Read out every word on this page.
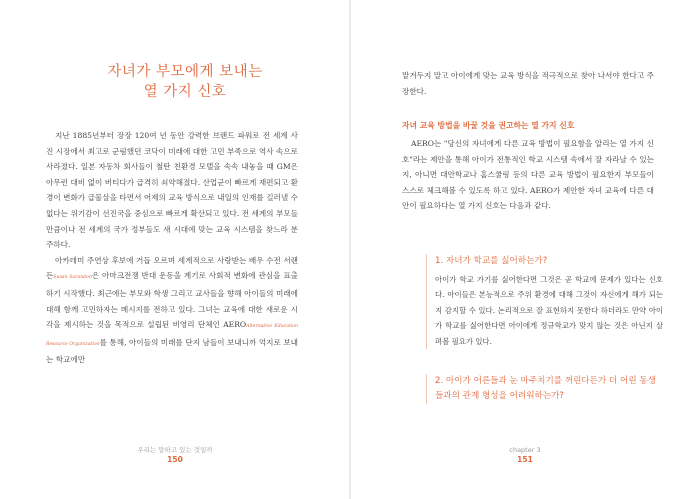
자녀가 부모에게 보내는
열 가지 신호

지난 1885년부터 장장 120여 년 동안 강력한 브랜드 파워로 전 세계 사진 시장에서 최고로 군림했던 코닥이 미래에 대한 고민 부족으로 역사 속으로 사라졌다. 일본 자동차 회사들이 철탄 친환경 모델을 속속 내놓을 때 GM은 아무런 대비 없이 버티다가 급격히 쇠약해졌다. 산업군이 빠르게 재편되고 환경이 변화가 급물살을 타면서 어제의 교육 방식으로 내일의 인재를 길러낼 수 없다는 위기감이 선진국을 중심으로 빠르게 확산되고 있다. 전 세계의 부모들 만큼이나 전 세계의 국가 정부들도 새 시대에 맞는 교육 시스템을 찾느라 분주하다.

아카데미 주연상 후보에 거듭 오르며 세계적으로 사랑받는 배우 수전 서랜든Susan Sarandon은 아마크전쟁 반대 운동을 계기로 사회적 변화에 관심을 표출하기 시작했다. 최근에는 부모와 학생 그리고 교사들을 향해 아이들의 미래에 대해 함께 고민하자는 메시지를 전하고 있다. 그녀는 교육에 대한 새로운 시각을 제시하는 것을 목적으로 설립된 비영리 단체인 AEROAlternative Education Resource Organization를 통해, 아이들의 미래를 단지 남들이 보내니까 억지로 보내는 학교에만

우리는 말하고 있는 것일까
150

맡겨두지 말고 아이에게 맞는 교육 방식을 적극적으로 찾아 나서야 한다고 주장한다.

자녀 교육 방법을 바꿀 것을 권고하는 열 가지 신호

AERO는 "당신의 자녀에게 다른 교육 방법이 필요함을 알리는 열 가지 신호"라는 제안을 통해 아이가 전통적인 학교 시스템 속에서 잘 자라날 수 있는지, 아니면 대안학교나 홈스쿨링 등의 다른 교육 방법이 필요한지 부모들이 스스로 체크해볼 수 있도록 하고 있다. AERO가 제안한 자녀 교육에 다른 대안이 필요하다는 열 가지 신호는 다음과 같다.

1. 자녀가 학교를 싫어하는가?

아이가 학교 가기를 싫어한다면 그것은 곧 학교에 문제가 있다는 신호다. 아이들은 본능적으로 주위 환경에 대해 그것이 자신에게 해가 되는지 감지할 수 있다. 논리적으로 잘 표현하지 못한다 하더라도 만약 아이가 학교를 싫어한다면 아이에게 정규학교가 맞지 않는 것은 아닌지 살펴볼 필요가 있다.

2. 아이가 어른들과 눈 마주치기를 꺼린다든가 더 어린 동생들과의 관계 형성을 어려워하는가?

chapter 3
151
